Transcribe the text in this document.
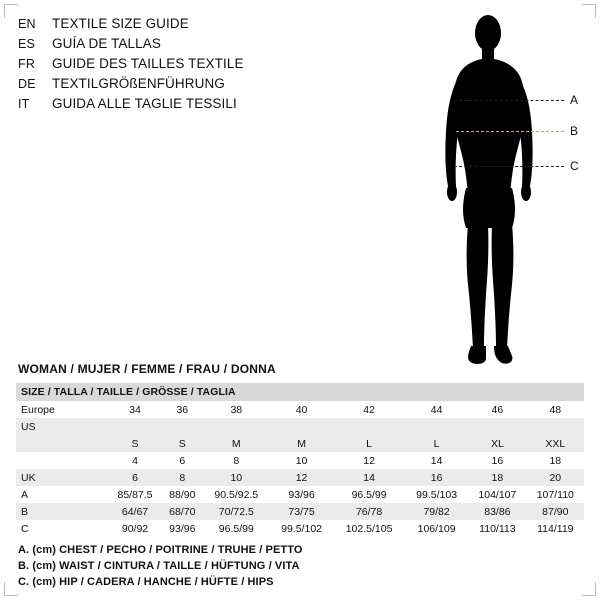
EN	TEXTILE SIZE GUIDE
ES	GUÍA DE TALLAS
FR	GUIDE DES TAILLES TEXTILE
DE	TEXTILGRÖßENFÜHRUNG
IT	GUIDA ALLE TAGLIE TESSILI	A
B
C
WOMAN / MUJER / FEMME / FRAU / DONNA
SIZE / TALLA / TAILLE / GRÖSSE / TAGLIA								
Europe	34	36	38	40	42	44	46	48
US								
	S	S	M	M	L	L	XL	XXL
	4	6	8	10	12	14	16	18
UK	6	8	10	12	14	16	18	20
A	85/87.5	88/90	90.5/92.5	93/96	96.5/99	99.5/103	104/107	107/110
B	64/67	68/70	70/72.5	73/75	76/78	79/82	83/86	87/90
C	90/92	93/96	96.5/99	99.5/102	102.5/105	106/109	110/113	114/119
A. (cm) CHEST / PECHO / POITRINE / TRUHE / PETTO
B. (cm) WAIST / CINTURA / TAILLE / HÜFTUNG / VITA
C. (cm) HIP / CADERA / HANCHE / HÜFTE / HIPS
